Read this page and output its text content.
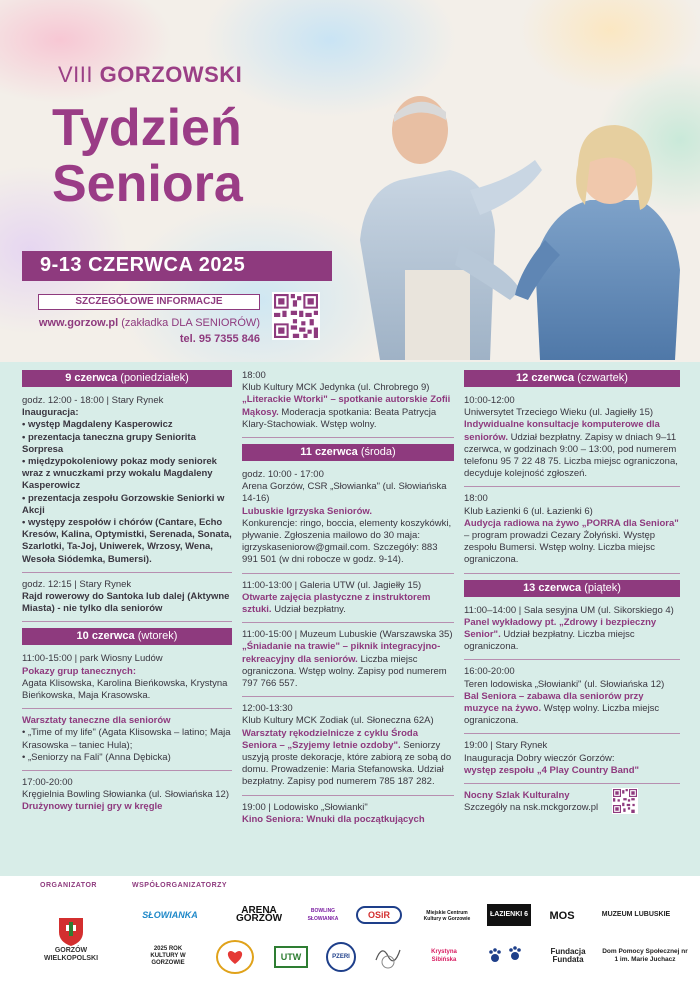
VIII GORZOWSKI
Tydzień
Seniora
9-13 CZERWCA 2025
SZCZEGÓŁOWE INFORMACJE
www.gorzow.pl (zakładka DLA SENIORÓW)
tel. 95 7355 846
9 czerwca (poniedziałek)
godz. 12:00 - 18:00 | Stary Rynek
Inauguracja:
• występ Magdaleny Kasperowicz
• prezentacja taneczna grupy Seniorita Sorpresa
• międzypokoleniowy pokaz mody seniorek wraz z wnuczkami przy wokalu Magdaleny Kasperowicz
• prezentacja zespołu Gorzowskie Seniorki w Akcji
• występy zespołów i chórów (Cantare, Echo Kresów, Kalina, Optymistki, Serenada, Sonata, Szarlotki, Ta-Joj, Uniwerek, Wrzosy, Wena, Wesoła Siódemka, Bumersi).
godz. 12:15 | Stary Rynek
Rajd rowerowy do Santoka lub dalej (Aktywne Miasta) - nie tylko dla seniorów
10 czerwca (wtorek)
11:00-15:00 | park Wiosny Ludów
Pokazy grup tanecznych:
Agata Klisowska, Karolina Bieńkowska, Krystyna Bieńkowska, Maja Krasowska.
Warsztaty taneczne dla seniorów
• „Time of my life" (Agata Klisowska – latino; Maja Krasowska – taniec Hula);
• „Seniorzy na Fali" (Anna Dębicka)
17:00-20:00
Kręgielnia Bowling Słowianka (ul. Słowiańska 12)
Drużynowy turniej gry w kręgle
18:00
Klub Kultury MCK Jedynka (ul. Chrobrego 9)
„Literackie Wtorki" – spotkanie autorskie Zofii Mąkosy. Moderacja spotkania: Beata Patrycja Klary-Stachowiak. Wstęp wolny.
11 czerwca (środa)
godz. 10:00 - 17:00
Arena Gorzów, CSR „Słowianka" (ul. Słowiańska 14-16)
Lubuskie Igrzyska Seniorów.
Konkurencje: ringo, boccia, elementy koszykówki, pływanie. Zgłoszenia mailowo do 30 maja: igrzyskaseniorow@gmail.com. Szczegóły: 883 991 501 (w dni robocze w godz. 9-14).
11:00-13:00 | Galeria UTW (ul. Jagiełły 15)
Otwarte zajęcia plastyczne z instruktorem sztuki. Udział bezpłatny.
11:00-15:00 | Muzeum Lubuskie (Warszawska 35)
„Śniadanie na trawie" – piknik integracyjno-rekreacyjny dla seniorów. Liczba miejsc ograniczona. Wstęp wolny. Zapisy pod numerem 797 766 557.
12:00-13:30
Klub Kultury MCK Zodiak (ul. Słoneczna 62A)
Warsztaty rękodzielnicze z cyklu Środa Seniora – „Szyjemy letnie ozdoby". Seniorzy uszyją proste dekoracje, które zabiorą ze sobą do domu. Prowadzenie: Maria Stefanowska. Udział bezpłatny. Zapisy pod numerem 785 187 282.
19:00 | Lodowisko „Słowianki"
Kino Seniora: Wnuki dla początkujących
12 czerwca (czwartek)
10:00-12:00
Uniwersytet Trzeciego Wieku (ul. Jagiełły 15)
Indywidualne konsultacje komputerowe dla seniorów. Udział bezpłatny. Zapisy w dniach 9–11 czerwca, w godzinach 9:00 – 13:00, pod numerem telefonu 95 7 22 48 75. Liczba miejsc ograniczona, decyduje kolejność zgłoszeń.
18:00
Klub Łazienki 6 (ul. Łazienki 6)
Audycja radiowa na żywo „PORRA dla Seniora" – program prowadzi Cezary Żołyński. Występ zespołu Bumersi. Wstęp wolny. Liczba miejsc ograniczona.
13 czerwca (piątek)
11:00–14:00 | Sala sesyjna UM (ul. Sikorskiego 4)
Panel wykładowy pt. „Zdrowy i bezpieczny Senior". Udział bezpłatny. Liczba miejsc ograniczona.
16:00-20:00
Teren lodowiska „Słowianki" (ul. Słowiańska 12)
Bal Seniora – zabawa dla seniorów przy muzyce na żywo. Wstęp wolny. Liczba miejsc ograniczona.
19:00 | Stary Rynek
Inauguracja Dobry wieczór Gorzów:
występ zespołu „4 Play Country Band"
Nocny Szlak Kulturalny
Szczegóły na nsk.mckgorzow.pl
ORGANIZATOR	WSPÓŁORGANIZATORZY
GORZÓW WIELKOPOLSKI
SŁOWIANKA	ARENA GORZÓW
BOWLING SŁOWIANKA	OSiR	Miejskie Centrum Kultury w Gorzowie
ŁAZIENKI 6	MOS	MUZEUM LUBUSKIE
2025 ROK KULTURY W GORZOWIE
UTW	PZERI
Krystyna Sibińska
Fundacja Fundata
Dom Pomocy Społecznej nr 1 im. Marie Juchacz
